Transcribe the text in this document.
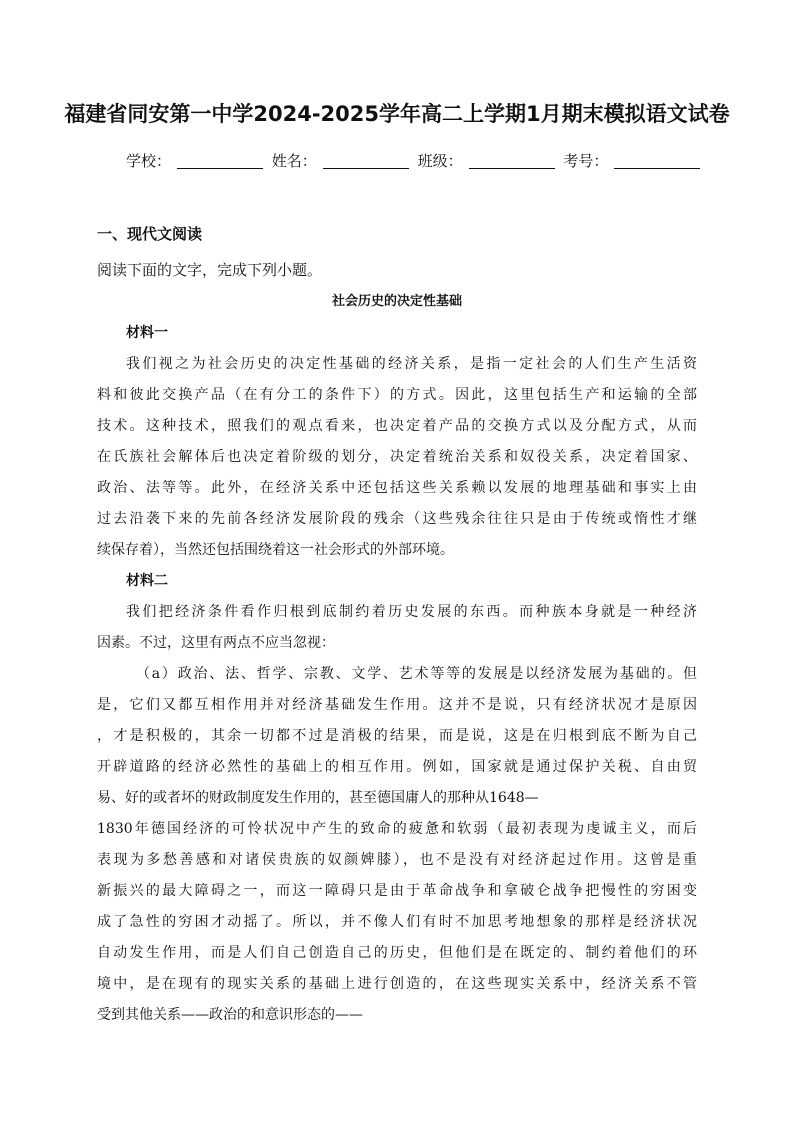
福建省同安第一中学2024-2025学年高二上学期1月期末模拟语文试卷
学校：	姓名：	班级：	考号：
一、现代文阅读
阅读下面的文字，完成下列小题。
社会历史的决定性基础
材料一
我们视之为社会历史的决定性基础的经济关系，是指一定社会的人们生产生活资
料和彼此交换产品（在有分工的条件下）的方式。因此，这里包括生产和运输的全部
技术。这种技术，照我们的观点看来，也决定着产品的交换方式以及分配方式，从而
在氏族社会解体后也决定着阶级的划分，决定着统治关系和奴役关系，决定着国家、
政治、法等等。此外，在经济关系中还包括这些关系赖以发展的地理基础和事实上由
过去沿袭下来的先前各经济发展阶段的残余（这些残余往往只是由于传统或惰性才继
续保存着），当然还包括围绕着这一社会形式的外部环境。
材料二
我们把经济条件看作归根到底制约着历史发展的东西。而种族本身就是一种经济
因素。不过，这里有两点不应当忽视：
（a）政治、法、哲学、宗教、文学、艺术等等的发展是以经济发展为基础的。但
是，它们又都互相作用并对经济基础发生作用。这并不是说，只有经济状况才是原因
，才是积极的，其余一切都不过是消极的结果，而是说，这是在归根到底不断为自己
开辟道路的经济必然性的基础上的相互作用。例如，国家就是通过保护关税、自由贸
易、好的或者坏的财政制度发生作用的，甚至德国庸人的那种从1648—
1830年德国经济的可怜状况中产生的致命的疲惫和软弱（最初表现为虔诚主义，而后
表现为多愁善感和对诸侯贵族的奴颜婢膝），也不是没有对经济起过作用。这曾是重
新振兴的最大障碍之一，而这一障碍只是由于革命战争和拿破仑战争把慢性的穷困变
成了急性的穷困才动摇了。所以，并不像人们有时不加思考地想象的那样是经济状况
自动发生作用，而是人们自己创造自己的历史，但他们是在既定的、制约着他们的环
境中，是在现有的现实关系的基础上进行创造的，在这些现实关系中，经济关系不管
受到其他关系——政治的和意识形态的——
